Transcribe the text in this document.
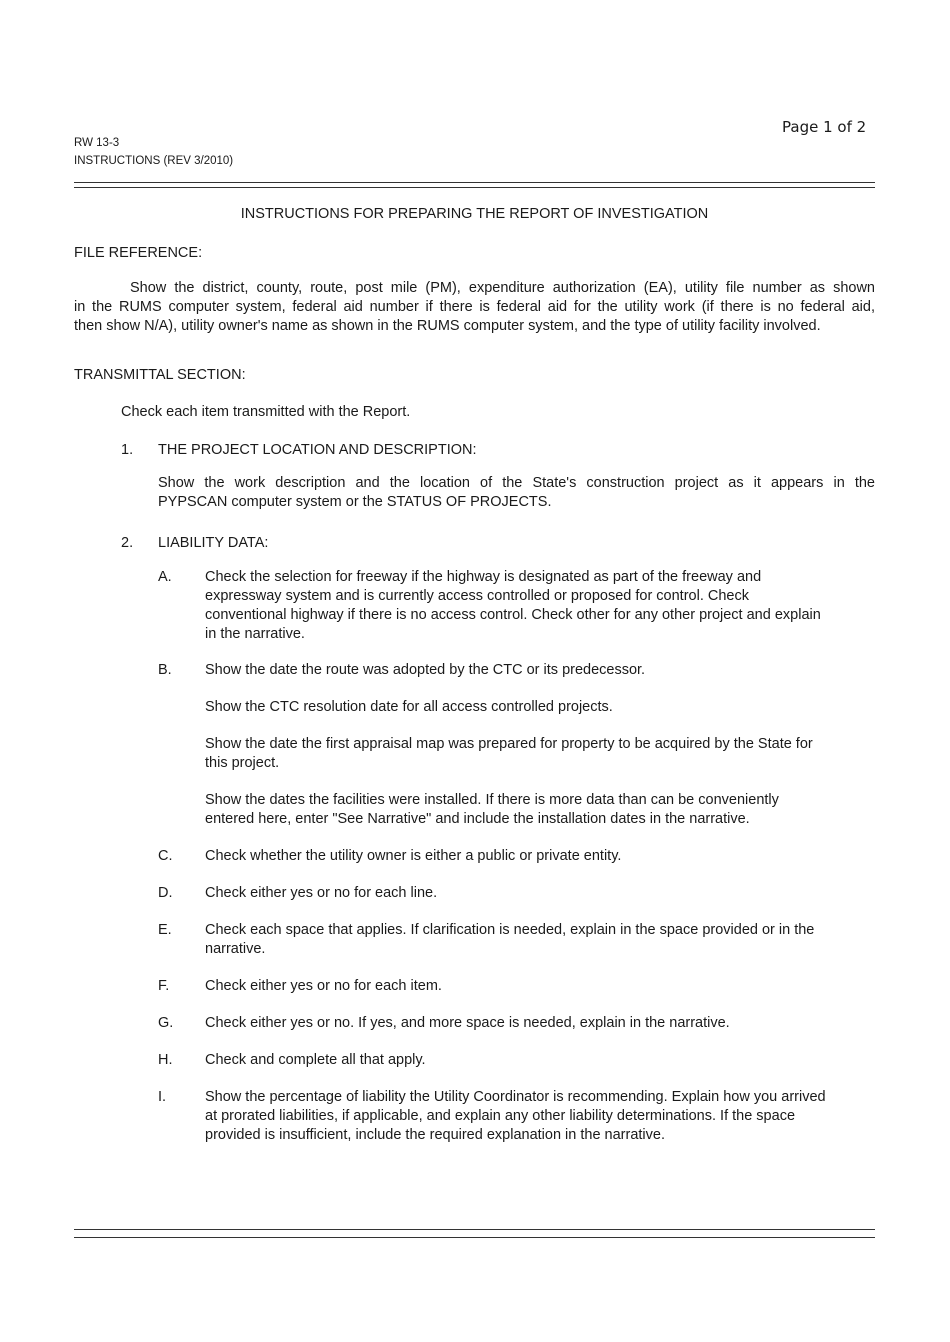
RW 13-3
INSTRUCTIONS (REV 3/2010)
Page 1 of 2
INSTRUCTIONS FOR PREPARING THE REPORT OF INVESTIGATION
FILE REFERENCE:
Show the district, county, route, post mile (PM), expenditure authorization (EA), utility file number as shown
in the RUMS computer system, federal aid number if there is federal aid for the utility work (if there is no federal aid,
then show N/A), utility owner's name as shown in the RUMS computer system, and the type of utility facility involved.
TRANSMITTAL SECTION:
Check each item transmitted with the Report.
1. THE PROJECT LOCATION AND DESCRIPTION:
Show the work description and the location of the State's construction project as it appears in the
PYPSCAN computer system or the STATUS OF PROJECTS.
2. LIABILITY DATA:
A. Check the selection for freeway if the highway is designated as part of the freeway and
expressway system and is currently access controlled or proposed for control. Check
conventional highway if there is no access control. Check other for any other project and explain
in the narrative.
B. Show the date the route was adopted by the CTC or its predecessor.
Show the CTC resolution date for all access controlled projects.
Show the date the first appraisal map was prepared for property to be acquired by the State for
this project.
Show the dates the facilities were installed. If there is more data than can be conveniently
entered here, enter "See Narrative" and include the installation dates in the narrative.
C. Check whether the utility owner is either a public or private entity.
D. Check either yes or no for each line.
E. Check each space that applies. If clarification is needed, explain in the space provided or in the
narrative.
F. Check either yes or no for each item.
G. Check either yes or no. If yes, and more space is needed, explain in the narrative.
H. Check and complete all that apply.
I.	Show the percentage of liability the Utility Coordinator is recommending. Explain how you arrived
at prorated liabilities, if applicable, and explain any other liability determinations. If the space
provided is insufficient, include the required explanation in the narrative.
